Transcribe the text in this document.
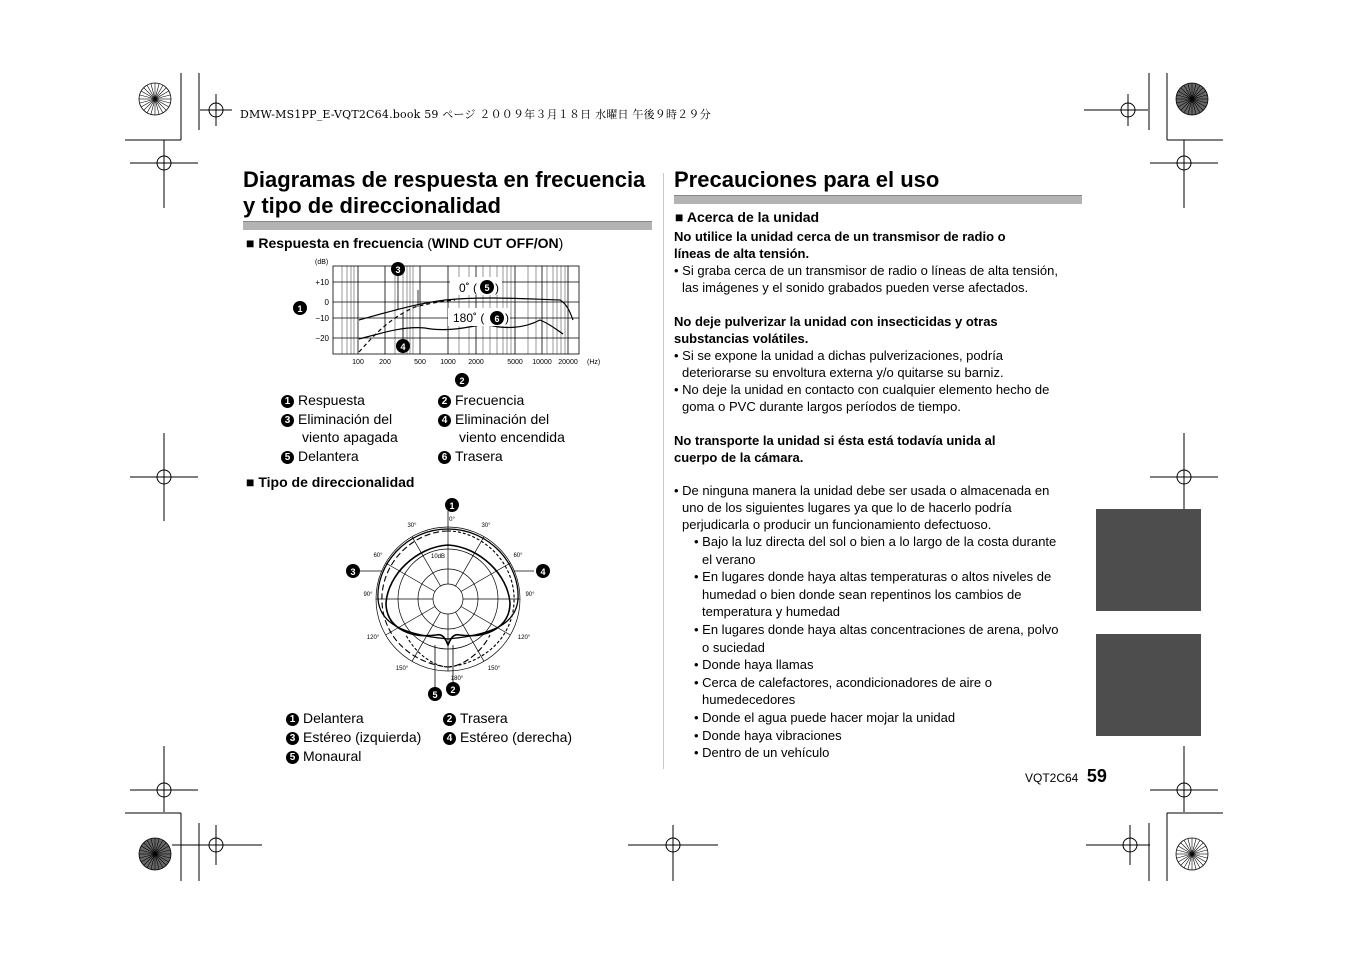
DMW-MS1PP_E-VQT2C64.book 59 ページ ２００９年３月１８日 水曜日 午後９時２９分
Diagramas de respuesta en frecuencia
y tipo de direccionalidad
■ Respuesta en frecuencia (WIND CUT OFF/ON)
(dB)
+10
0
−10
−20
100 200	500 1000 2000	5000 10000 20000 (Hz)
0˚ ( 5 )
180˚ ( 6 )
1
3
4
2
1 Respuesta	2 Frecuencia
3 Eliminación del
viento apagada
4 Eliminación del
viento encendida
5 Delantera	6 Trasera
■ Tipo de direccionalidad
0°
30°	30°
60°	60°
90°	90°
120°	120°
150°	150°
180°
10dB
1
3	4
5 2
1 Delantera	2 Trasera
3 Estéreo (izquierda)	4 Estéreo (derecha)
5 Monaural
Precauciones para el uso
■ Acerca de la unidad
No utilice la unidad cerca de un transmisor de radio o
líneas de alta tensión.
• Si graba cerca de un transmisor de radio o líneas de alta tensión,
las imágenes y el sonido grabados pueden verse afectados.
No deje pulverizar la unidad con insecticidas y otras
substancias volátiles.
• Si se expone la unidad a dichas pulverizaciones, podría
deteriorarse su envoltura externa y/o quitarse su barniz.
• No deje la unidad en contacto con cualquier elemento hecho de
goma o PVC durante largos períodos de tiempo.
No transporte la unidad si ésta está todavía unida al
cuerpo de la cámara.
• De ninguna manera la unidad debe ser usada o almacenada en
uno de los siguientes lugares ya que lo de hacerlo podría
perjudicarla o producir un funcionamiento defectuoso.
• Bajo la luz directa del sol o bien a lo largo de la costa durante
el verano
• En lugares donde haya altas temperaturas o altos niveles de
humedad o bien donde sean repentinos los cambios de
temperatura y humedad
• En lugares donde haya altas concentraciones de arena, polvo
o suciedad
• Donde haya llamas
• Cerca de calefactores, acondicionadores de aire o
humedecedores
• Donde el agua puede hacer mojar la unidad
• Donde haya vibraciones
• Dentro de un vehículo
VQT2C64 59
